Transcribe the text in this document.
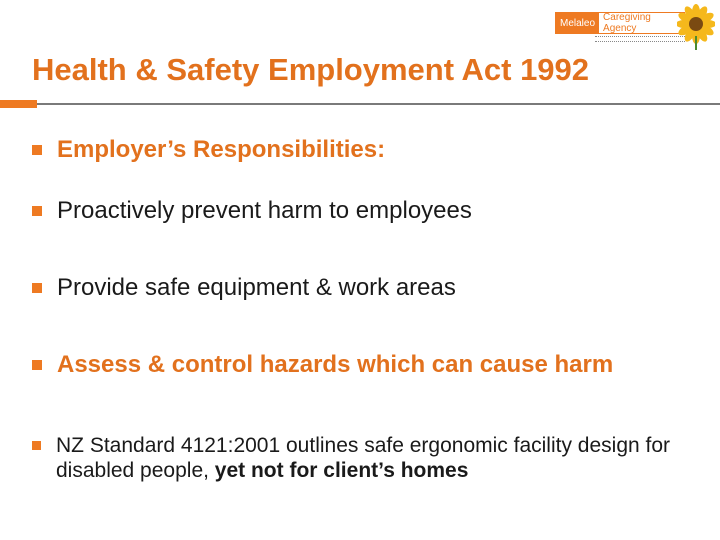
Melaleo Caregiving Agency
Health & Safety Employment Act 1992
Employer’s Responsibilities:
Proactively prevent harm to employees
Provide safe equipment & work areas
Assess & control hazards which can cause harm
NZ Standard 4121:2001 outlines safe ergonomic facility design for disabled people, yet not for client’s homes
